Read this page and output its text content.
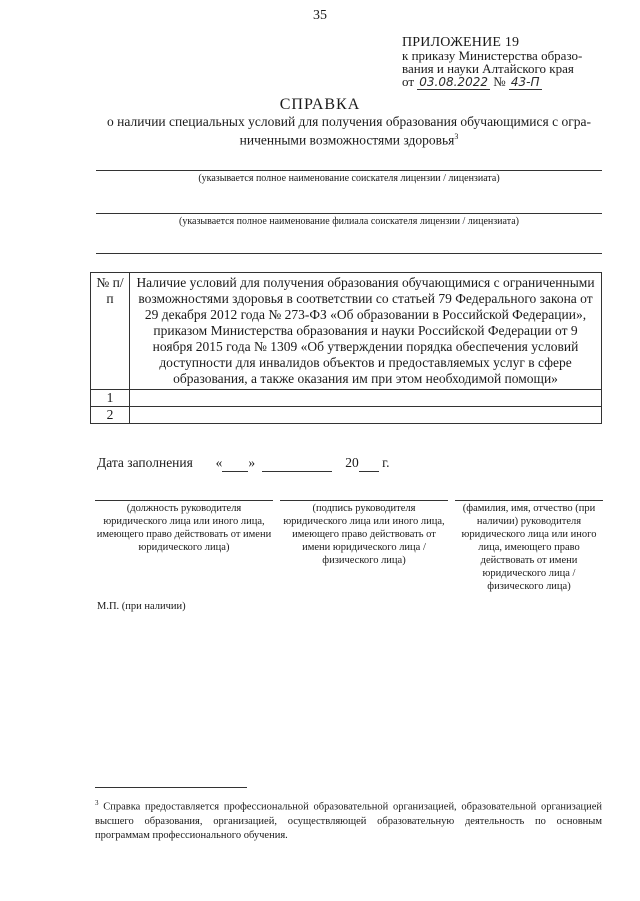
35
ПРИЛОЖЕНИЕ 19
к приказу Министерства образо-
вания и науки Алтайского края
от 03.08.2022 № 43-П
СПРАВКА
о наличии специальных условий для получения образования обучающимися с огра-
ниченными возможностями здоровья$^3$
(указывается полное наименование соискателя лицензии / лицензиата)
(указывается полное наименование филиала соискателя лицензии / лицензиата)
№ п/п	Наличие условий для получения образования обучающимися с ограниченными возможностями здоровья в соответствии со статьей 79 Федерального закона от 29 декабря 2012 года № 273-ФЗ «Об образовании в Российской Федерации», приказом Министерства образования и науки Российской Федерации от 9 ноября 2015 года № 1309 «Об утверждении порядка обеспечения условий доступности для инвалидов объектов и предоставляемых услуг в сфере образования, а также оказания им при этом необходимой помощи»
1	
2	
Дата заполнения « »	20 г.
(должность руководителя юридического лица или иного лица, имеющего право действовать от имени юридического лица)
(подпись руководителя юридического лица или иного лица, имеющего право действовать от имени юридического лица / физического лица)
(фамилия, имя, отчество (при наличии) руководителя юридического лица или иного лица, имеющего право действовать от имени юридического лица / физического лица)
М.П. (при наличии)
$^3$ Справка предоставляется профессиональной образовательной организацией, образовательной организацией высшего образования, организацией, осуществляющей образовательную деятельность по основным программам профессионального обучения.
